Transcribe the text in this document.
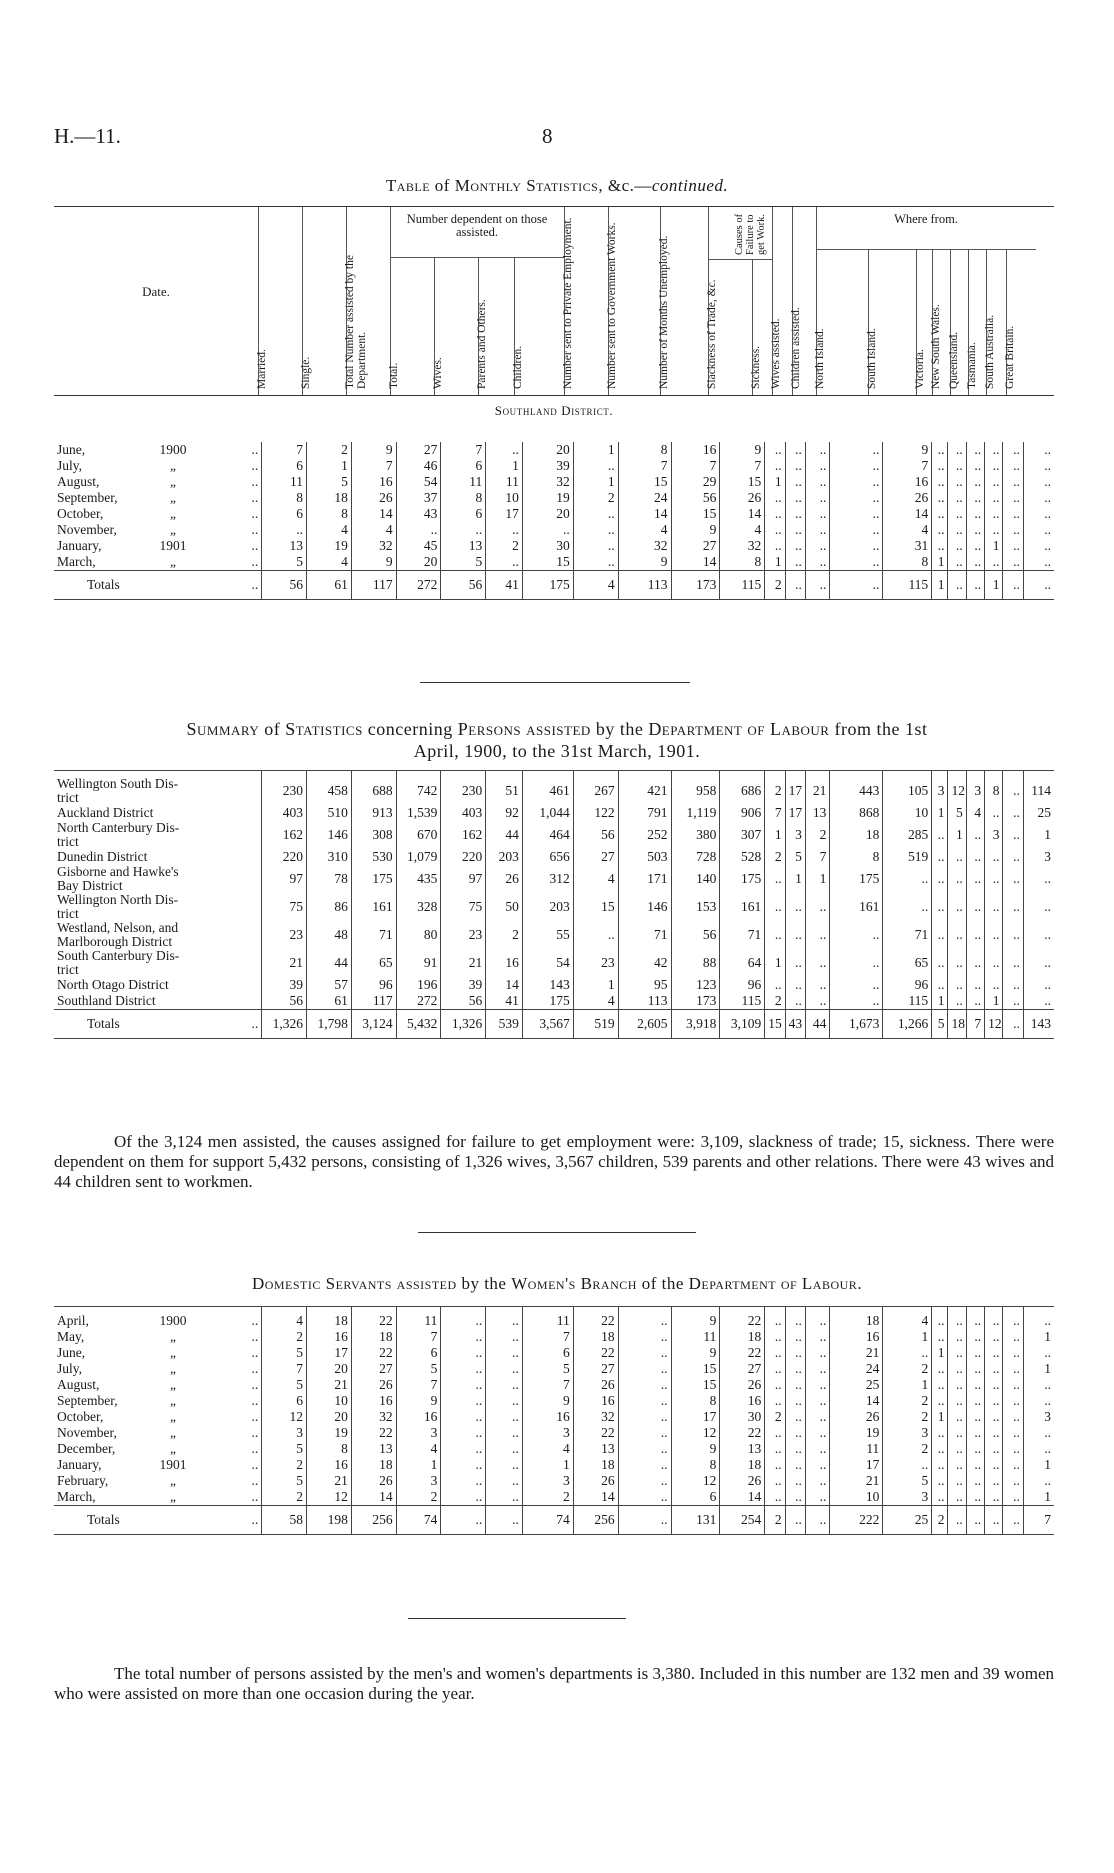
H.—11.	8
Table of Monthly Statistics, &c.—continued.
Date.
Married.	Single.	Total Number assisted by the Department. Total.	Wives.	Parents and Others. Children.	Number sent to Private Employment.	Number sent to Government Works.	Number of Months Unemployed.	Slackness of Trade, &c.	Sickness. Wives assisted. Children assisted. North Island.	South Island.	Victoria. New South Wales. Queensland. Tasmania. South Australia. Great Britain.
Number dependent on those assisted.	Causes of Failure to get Work.	Where from.
Southland District.
June, 1900 ..	7	2	9	27	7	..	20	1	8	16	9	..	..	..	..	9	..	..	..	..	..	..
July, „ ..	6	1	7	46	6	1	39	..	7	7	7	..	..	..	..	7	..	..	..	..	..	..
August, „ ..	11	5	16	54	11	11	32	1	15	29	15	1	..	..	..	16	..	..	..	..	..	..
September, „ ..	8	18	26	37	8	10	19	2	24	56	26	..	..	..	..	26	..	..	..	..	..	..
October, „ ..	6	8	14	43	6	17	20	..	14	15	14	..	..	..	..	14	..	..	..	..	..	..
November, „ ..	..	4	4	..	..	..	..	..	4	9	4	..	..	..	..	4	..	..	..	..	..	..
January, 1901 ..	13	19	32	45	13	2	30	..	32	27	32	..	..	..	..	31	..	..	..	1	..	..
March, „ ..	5	4	9	20	5	..	15	..	9	14	8	1	..	..	..	8	1	..	..	..	..	..
Totals ..	56	61	117	272	56	41	175	4	113	173	115	2	..	..	..	115	1	..	..	1	..	..
Summary of Statistics concerning Persons assisted by the Department of Labour from the 1st
April, 1900, to the 31st March, 1901.
Wellington South Dis-
trict	230	458	688	742	230	51	461	267	421	958	686	2	17	21	443	105	3	12	3	8	..	114

Auckland District	403	510	913	1,539	403	92	1,044	122	791	1,119	906	7	17	13	868	10	1	5	4	..	..	25

North Canterbury Dis-
trict	162	146	308	670	162	44	464	56	252	380	307	1	3	2	18	285	..	1	..	3	..	1

Dunedin District	220	310	530	1,079	220	203	656	27	503	728	528	2	5	7	8	519	..	..	..	..	..	3

Gisborne and Hawke's
Bay District	97	78	175	435	97	26	312	4	171	140	175	..	1	1	175	..	..	..	..	..	..	..

Wellington North Dis-
trict	75	86	161	328	75	50	203	15	146	153	161	..	..	..	161	..	..	..	..	..	..	..

Westland, Nelson, and
Marlborough District	23	48	71	80	23	2	55	..	71	56	71	..	..	..	..	71	..	..	..	..	..	..

South Canterbury Dis-
trict	21	44	65	91	21	16	54	23	42	88	64	1	..	..	..	65	..	..	..	..	..	..

North Otago District	39	57	96	196	39	14	143	1	95	123	96	..	..	..	..	96	..	..	..	..	..	..

Southland District	56	61	117	272	56	41	175	4	113	173	115	2	..	..	..	115	1	..	..	1	..	..
Totals ..	1,326	1,798	3,124	5,432	1,326	539	3,567	519	2,605	3,918	3,109	15	43	44	1,673	1,266	5	18	7	12	..	143
Of the 3,124 men assisted, the causes assigned for failure to get employment were: 3,109, slackness of trade; 15, sickness. There were dependent on them for support 5,432 persons, consisting of 1,326 wives, 3,567 children, 539 parents and other relations. There were 43 wives and 44 children sent to workmen.
Domestic Servants assisted by the Women's Branch of the Department of Labour.
April, 1900 ..	4	18	22	11	..	..	11	22	..	9	22	..	..	..	18	4	..	..	..	..	..	..
May, „ ..	2	16	18	7	..	..	7	18	..	11	18	..	..	..	16	1	..	..	..	..	..	1
June, „ ..	5	17	22	6	..	..	6	22	..	9	22	..	..	..	21	..	1	..	..	..	..	..
July, „ ..	7	20	27	5	..	..	5	27	..	15	27	..	..	..	24	2	..	..	..	..	..	1
August, „ ..	5	21	26	7	..	..	7	26	..	15	26	..	..	..	25	1	..	..	..	..	..	..
September, „ ..	6	10	16	9	..	..	9	16	..	8	16	..	..	..	14	2	..	..	..	..	..	..
October, „ ..	12	20	32	16	..	..	16	32	..	17	30	2	..	..	26	2	1	..	..	..	..	3
November, „ ..	3	19	22	3	..	..	3	22	..	12	22	..	..	..	19	3	..	..	..	..	..	..
December, „ ..	5	8	13	4	..	..	4	13	..	9	13	..	..	..	11	2	..	..	..	..	..	..
January, 1901 ..	2	16	18	1	..	..	1	18	..	8	18	..	..	..	17	..	..	..	..	..	..	1
February, „ ..	5	21	26	3	..	..	3	26	..	12	26	..	..	..	21	5	..	..	..	..	..	..
March, „ ..	2	12	14	2	..	..	2	14	..	6	14	..	..	..	10	3	..	..	..	..	..	1
Totals ..	58	198	256	74	..	..	74	256	..	131	254	2	..	..	222	25	2	..	..	..	..	7
The total number of persons assisted by the men's and women's departments is 3,380. Included in this number are 132 men and 39 women who were assisted on more than one occasion during the year.
